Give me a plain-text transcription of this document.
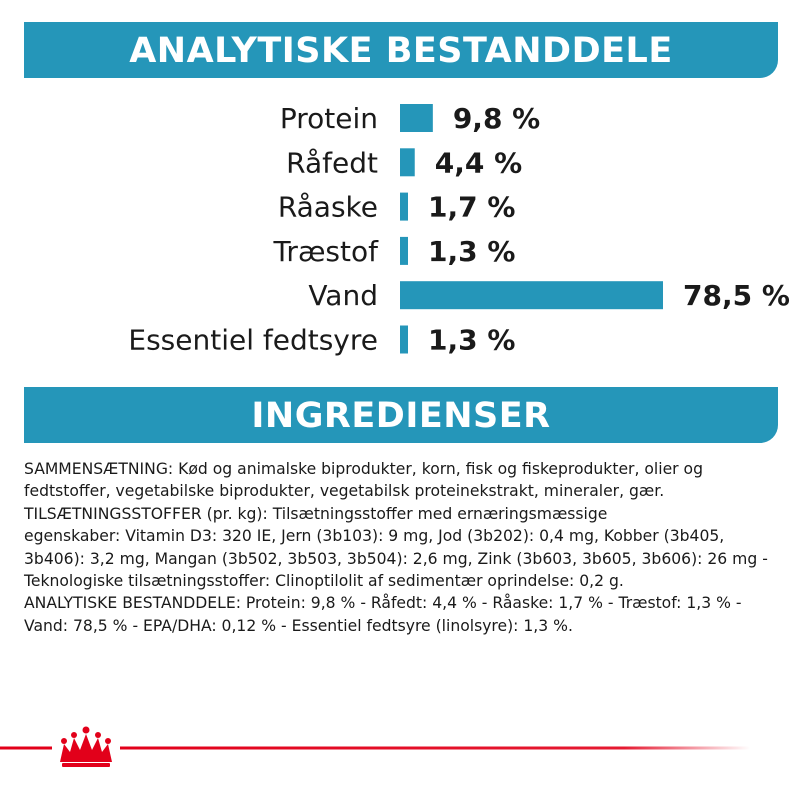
ANALYTISKE BESTANDDELE
Protein	9,8 %
Råfedt 4,4 %
Råaske 1,7 %
Træstof 1,3 %
Vand	78,5 %
Essentiel fedtsyre 1,3 %
INGREDIENSER

SAMMENSÆTNING: Kød og animalske biprodukter, korn, fisk og fiskeprodukter, olier og
fedtstoffer, vegetabilske biprodukter, vegetabilsk proteinekstrakt, mineraler, gær.
TILSÆTNINGSSTOFFER (pr. kg): Tilsætningsstoffer med ernæringsmæssige
egenskaber: Vitamin D3: 320 IE, Jern (3b103): 9 mg, Jod (3b202): 0,4 mg, Kobber (3b405,
3b406): 3,2 mg, Mangan (3b502, 3b503, 3b504): 2,6 mg, Zink (3b603, 3b605, 3b606): 26 mg -
Teknologiske tilsætningsstoffer: Clinoptilolit af sedimentær oprindelse: 0,2 g.
ANALYTISKE BESTANDDELE: Protein: 9,8 % - Råfedt: 4,4 % - Råaske: 1,7 % - Træstof: 1,3 % -
Vand: 78,5 % - EPA/DHA: 0,12 % - Essentiel fedtsyre (linolsyre): 1,3 %.
